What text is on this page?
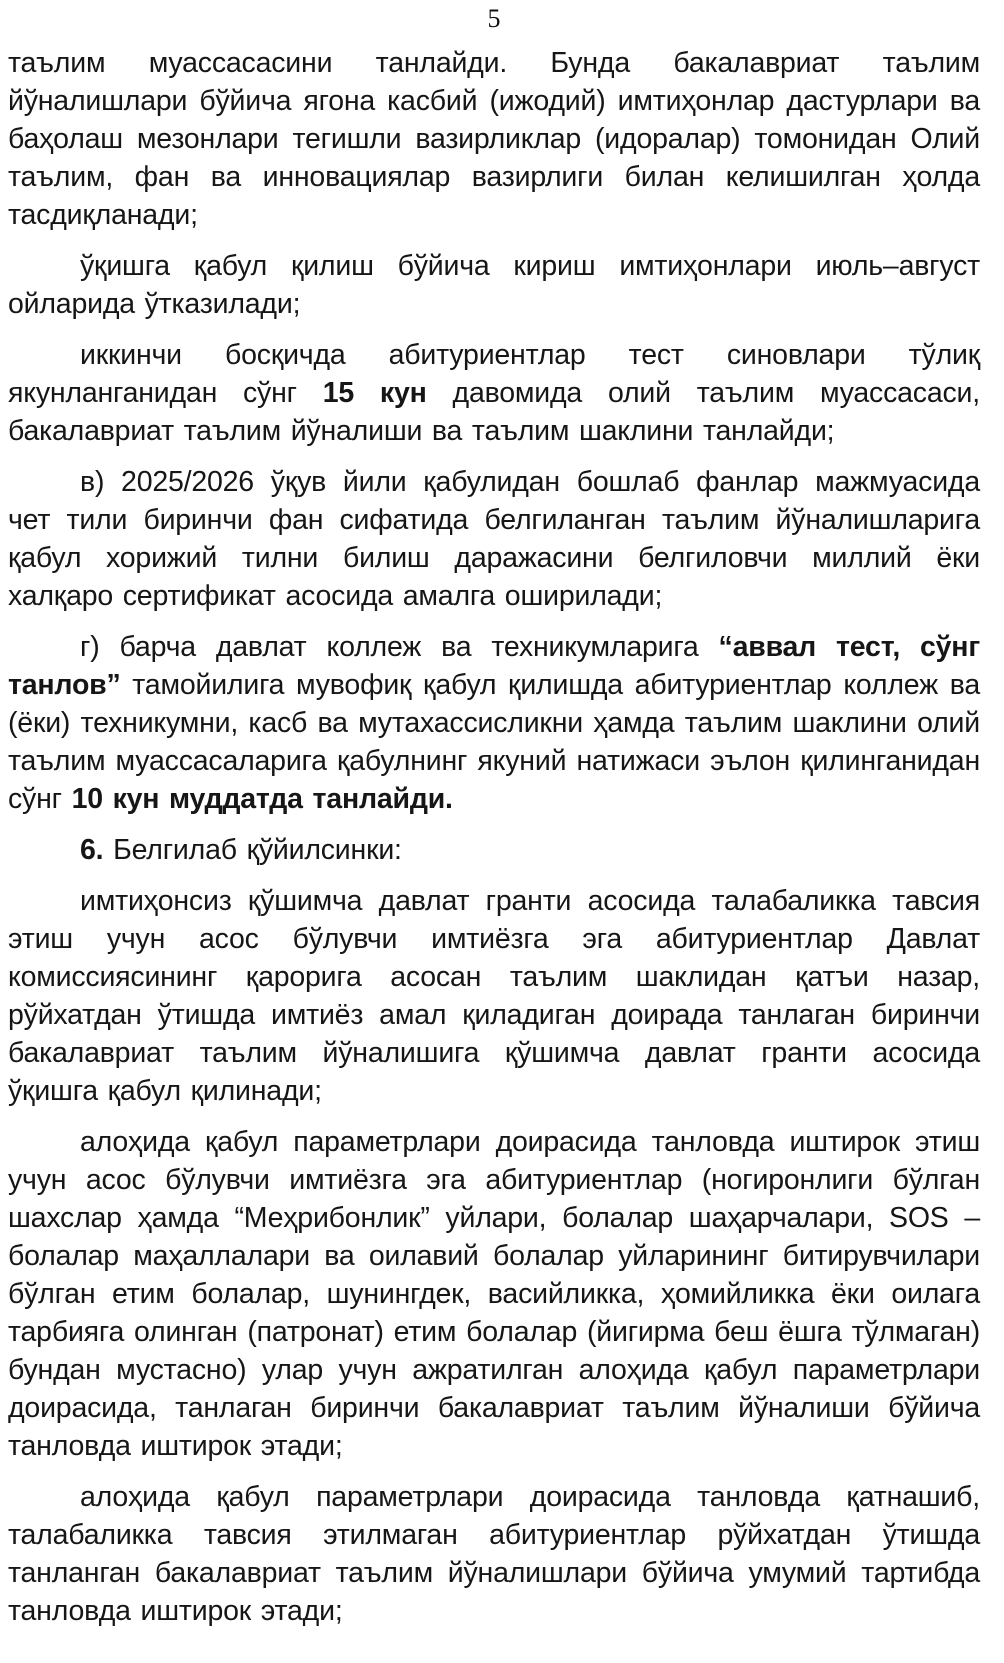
5

таълим муассасасини танлайди. Бунда бакалавриат таълим йўналишлари бўйича ягона касбий (ижодий) имтиҳонлар дастурлари ва баҳолаш мезонлари тегишли вазирликлар (идоралар) томонидан Олий таълим, фан ва инновациялар вазирлиги билан келишилган ҳолда тасдиқланади;

ўқишга қабул қилиш бўйича кириш имтиҳонлари июль–август ойларида ўтказилади;

иккинчи босқичда абитуриентлар тест синовлари тўлиқ якунланганидан сўнг 15 кун давомида олий таълим муассасаси, бакалавриат таълим йўналиши ва таълим шаклини танлайди;

в) 2025/2026 ўқув йили қабулидан бошлаб фанлар мажмуасида чет тили биринчи фан сифатида белгиланган таълим йўналишларига қабул хорижий тилни билиш даражасини белгиловчи миллий ёки халқаро сертификат асосида амалга оширилади;

г) барча давлат коллеж ва техникумларига “аввал тест, сўнг танлов” тамойилига мувофиқ қабул қилишда абитуриентлар коллеж ва (ёки) техникумни, касб ва мутахассисликни ҳамда таълим шаклини олий таълим муассасаларига қабулнинг якуний натижаси эълон қилинганидан сўнг 10 кун муддатда танлайди.

6. Белгилаб қўйилсинки:

имтиҳонсиз қўшимча давлат гранти асосида талабаликка тавсия этиш учун асос бўлувчи имтиёзга эга абитуриентлар Давлат комиссиясининг қарорига асосан таълим шаклидан қатъи назар, рўйхатдан ўтишда имтиёз амал қиладиган доирада танлаган биринчи бакалавриат таълим йўналишига қўшимча давлат гранти асосида ўқишга қабул қилинади;

алоҳида қабул параметрлари доирасида танловда иштирок этиш учун асос бўлувчи имтиёзга эга абитуриентлар (ногиронлиги бўлган шахслар ҳамда “Меҳрибонлик” уйлари, болалар шаҳарчалари, SOS – болалар маҳаллалари ва оилавий болалар уйларининг битирувчилари бўлган етим болалар, шунингдек, васийликка, ҳомийликка ёки оилага тарбияга олинган (патронат) етим болалар (йигирма беш ёшга тўлмаган) бундан мустасно) улар учун ажратилган алоҳида қабул параметрлари доирасида, танлаган биринчи бакалавриат таълим йўналиши бўйича танловда иштирок этади;

алоҳида қабул параметрлари доирасида танловда қатнашиб, талабаликка тавсия этилмаган абитуриентлар рўйхатдан ўтишда танланган бакалавриат таълим йўналишлари бўйича умумий тартибда танловда иштирок этади;
